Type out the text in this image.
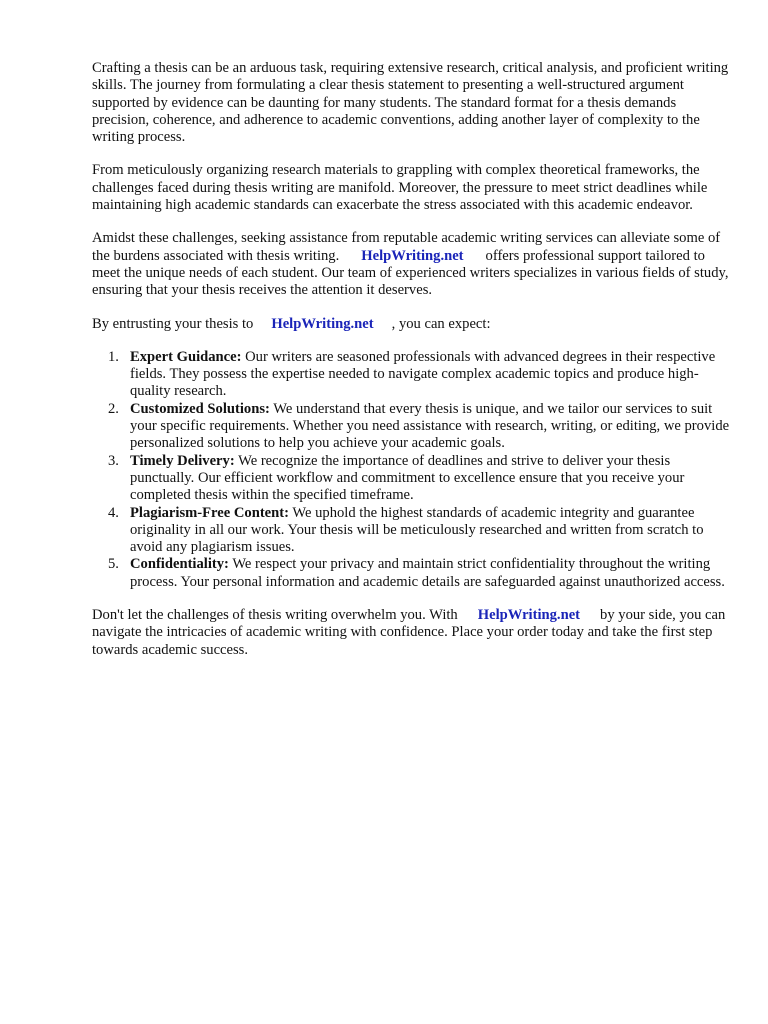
Crafting a thesis can be an arduous task, requiring extensive research, critical analysis, and proficient writing skills. The journey from formulating a clear thesis statement to presenting a well-structured argument supported by evidence can be daunting for many students. The standard format for a thesis demands precision, coherence, and adherence to academic conventions, adding another layer of complexity to the writing process.

From meticulously organizing research materials to grappling with complex theoretical frameworks, the challenges faced during thesis writing are manifold. Moreover, the pressure to meet strict deadlines while maintaining high academic standards can exacerbate the stress associated with this academic endeavor.

Amidst these challenges, seeking assistance from reputable academic writing services can alleviate some of the burdens associated with thesis writing. HelpWriting.net offers professional support tailored to meet the unique needs of each student. Our team of experienced writers specializes in various fields of study, ensuring that your thesis receives the attention it deserves.

By entrusting your thesis to HelpWriting.net , you can expect:

1. Expert Guidance: Our writers are seasoned professionals with advanced degrees in their respective fields. They possess the expertise needed to navigate complex academic topics and produce high-quality research.
2. Customized Solutions: We understand that every thesis is unique, and we tailor our services to suit your specific requirements. Whether you need assistance with research, writing, or editing, we provide personalized solutions to help you achieve your academic goals.
3. Timely Delivery: We recognize the importance of deadlines and strive to deliver your thesis punctually. Our efficient workflow and commitment to excellence ensure that you receive your completed thesis within the specified timeframe.
4. Plagiarism-Free Content: We uphold the highest standards of academic integrity and guarantee originality in all our work. Your thesis will be meticulously researched and written from scratch to avoid any plagiarism issues.
5. Confidentiality: We respect your privacy and maintain strict confidentiality throughout the writing process. Your personal information and academic details are safeguarded against unauthorized access.

Don't let the challenges of thesis writing overwhelm you. With HelpWriting.net by your side, you can navigate the intricacies of academic writing with confidence. Place your order today and take the first step towards academic success.
